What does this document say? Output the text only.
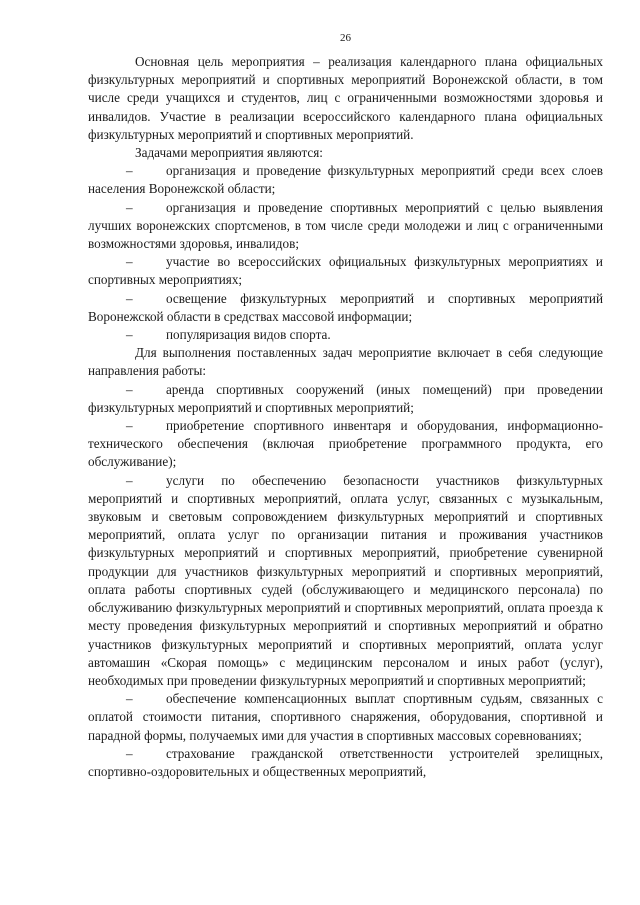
26

Основная цель мероприятия – реализация календарного плана официальных физкультурных мероприятий и спортивных мероприятий Воронежской области, в том числе среди учащихся и студентов, лиц с ограниченными возможностями здоровья и инвалидов. Участие в реализации всероссийского календарного плана официальных физкультурных мероприятий и спортивных мероприятий.

Задачами мероприятия являются:

–	организация и проведение физкультурных мероприятий среди всех слоев населения Воронежской области;

–	организация и проведение спортивных мероприятий с целью выявления лучших воронежских спортсменов, в том числе среди молодежи и лиц с ограниченными возможностями здоровья, инвалидов;

–	участие во всероссийских официальных физкультурных мероприятиях и спортивных мероприятиях;

–	освещение физкультурных мероприятий и спортивных мероприятий Воронежской области в средствах массовой информации;

–	популяризация видов спорта.

Для выполнения поставленных задач мероприятие включает в себя следующие направления работы:

–	аренда спортивных сооружений (иных помещений) при проведении физкультурных мероприятий и спортивных мероприятий;

–	приобретение спортивного инвентаря и оборудования, информационно-технического обеспечения (включая приобретение программного продукта, его обслуживание);

–	услуги по обеспечению безопасности участников физкультурных мероприятий и спортивных мероприятий, оплата услуг, связанных с музыкальным, звуковым и световым сопровождением физкультурных мероприятий и спортивных мероприятий, оплата услуг по организации питания и проживания участников физкультурных мероприятий и спортивных мероприятий, приобретение сувенирной продукции для участников физкультурных мероприятий и спортивных мероприятий, оплата работы спортивных судей (обслуживающего и медицинского персонала) по обслуживанию физкультурных мероприятий и спортивных мероприятий, оплата проезда к месту проведения физкультурных мероприятий и спортивных мероприятий и обратно участников физкультурных мероприятий и спортивных мероприятий, оплата услуг автомашин «Скорая помощь» с медицинским персоналом и иных работ (услуг), необходимых при проведении физкультурных мероприятий и спортивных мероприятий;

–	обеспечение компенсационных выплат спортивным судьям, связанных с оплатой стоимости питания, спортивного снаряжения, оборудования, спортивной и парадной формы, получаемых ими для участия в спортивных массовых соревнованиях;

–	страхование гражданской ответственности устроителей зрелищных, спортивно-оздоровительных и общественных мероприятий,
